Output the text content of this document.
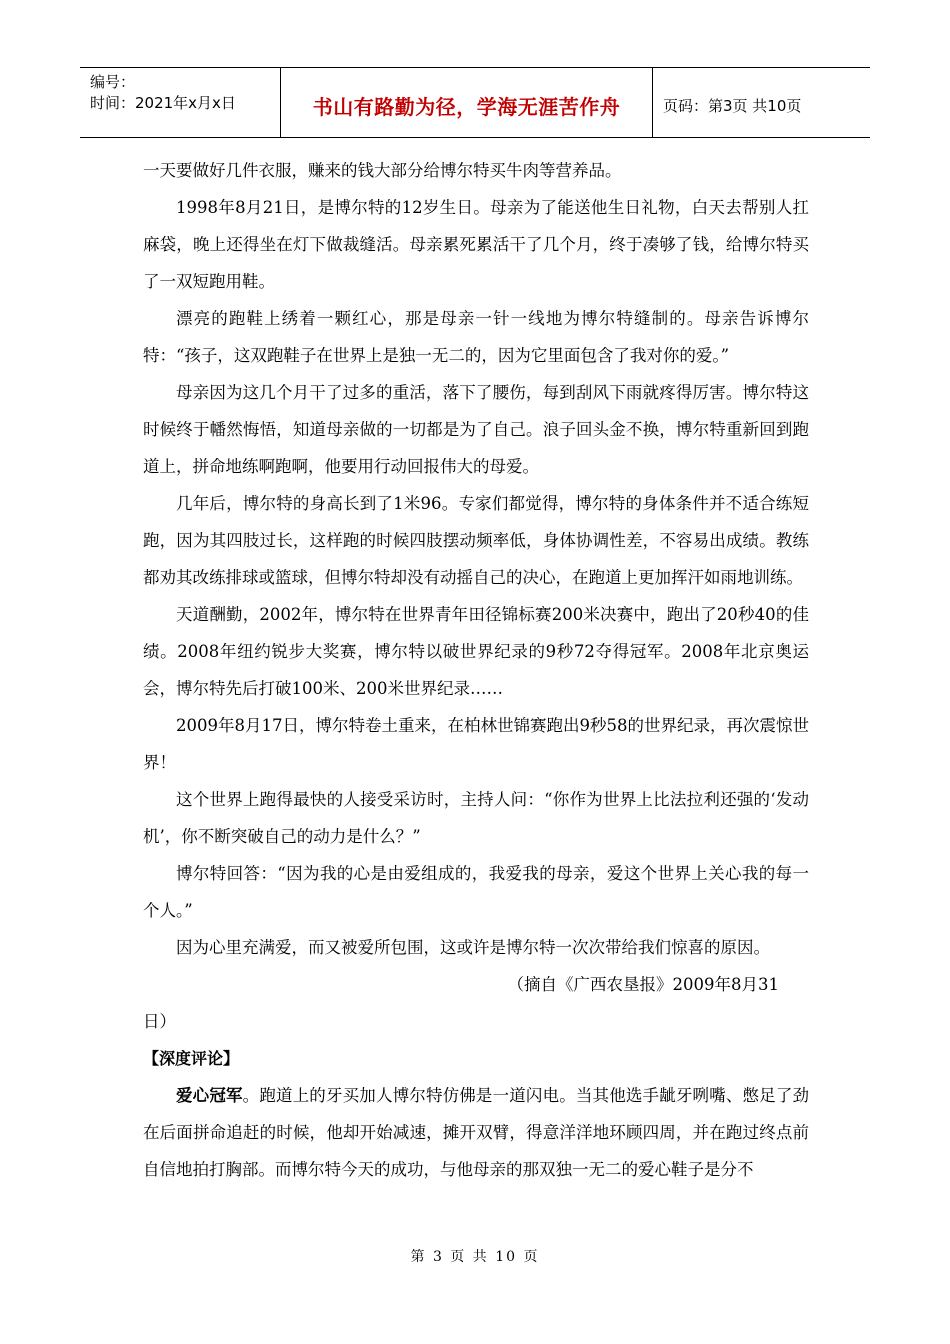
编号：
时间：2021年x月x日	书山有路勤为径，学海无涯苦作舟	页码：第3页 共10页

一天要做好几件衣服，赚来的钱大部分给博尔特买牛肉等营养品。

1998年8月21日，是博尔特的12岁生日。母亲为了能送他生日礼物，白天去帮别人扛麻袋，晚上还得坐在灯下做裁缝活。母亲累死累活干了几个月，终于凑够了钱，给博尔特买了一双短跑用鞋。

漂亮的跑鞋上绣着一颗红心，那是母亲一针一线地为博尔特缝制的。母亲告诉博尔特：“孩子，这双跑鞋子在世界上是独一无二的，因为它里面包含了我对你的爱。”

母亲因为这几个月干了过多的重活，落下了腰伤，每到刮风下雨就疼得厉害。博尔特这时候终于幡然悔悟，知道母亲做的一切都是为了自己。浪子回头金不换，博尔特重新回到跑道上，拼命地练啊跑啊，他要用行动回报伟大的母爱。

几年后，博尔特的身高长到了1米96。专家们都觉得，博尔特的身体条件并不适合练短跑，因为其四肢过长，这样跑的时候四肢摆动频率低，身体协调性差，不容易出成绩。教练都劝其改练排球或篮球，但博尔特却没有动摇自己的决心，在跑道上更加挥汗如雨地训练。

天道酬勤，2002年，博尔特在世界青年田径锦标赛200米决赛中，跑出了20秒40的佳绩。2008年纽约锐步大奖赛，博尔特以破世界纪录的9秒72夺得冠军。2008年北京奥运会，博尔特先后打破100米、200米世界纪录……

2009年8月17日，博尔特卷土重来，在柏林世锦赛跑出9秒58的世界纪录，再次震惊世界！

这个世界上跑得最快的人接受采访时，主持人问：“你作为世界上比法拉利还强的‘发动机’，你不断突破自己的动力是什么？”

博尔特回答：“因为我的心是由爱组成的，我爱我的母亲，爱这个世界上关心我的每一个人。”

因为心里充满爱，而又被爱所包围，这或许是博尔特一次次带给我们惊喜的原因。

（摘自《广西农垦报》2009年8月31

日）

【深度评论】

爱心冠军。跑道上的牙买加人博尔特仿佛是一道闪电。当其他选手龇牙咧嘴、憋足了劲在后面拼命追赶的时候，他却开始减速，摊开双臂，得意洋洋地环顾四周，并在跑过终点前自信地拍打胸部。而博尔特今天的成功，与他母亲的那双独一无二的爱心鞋子是分不

第 3 页 共 10 页
